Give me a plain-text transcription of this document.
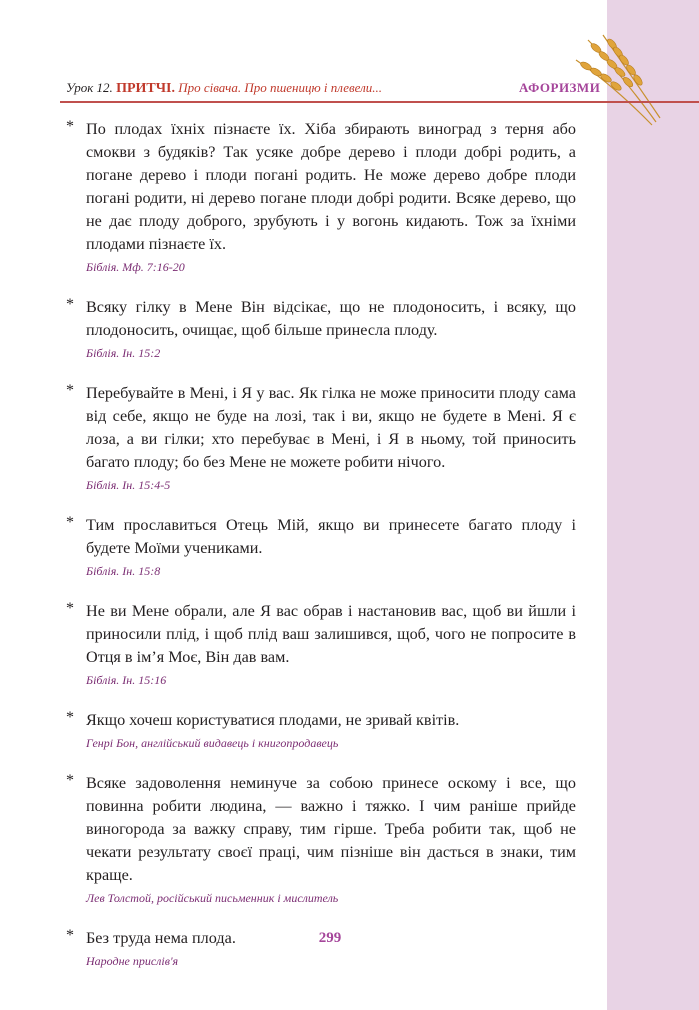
Урок 12. ПРИТЧІ. Про сівача. Про пшеницю і плевели...	АФОРИЗМИ
* По плодах їхніх пізнаєте їх. Хіба збирають виноград з терня або смокви з будяків? Так усяке добре дерево і плоди добрі родить, а погане дерево і плоди погані родить. Не може дерево добре плоди погані родити, ні дерево погане плоди добрі родити. Всяке дерево, що не дає плоду доброго, зрубують і у вогонь кидають. Тож за їхніми плодами пізнаєте їх.

Біблія. Мф. 7:16-20
* Всяку гілку в Мене Він відсікає, що не плодоносить, і всяку, що плодоносить, очищає, щоб більше принесла плоду.

Біблія. Ін. 15:2
* Перебувайте в Мені, і Я у вас. Як гілка не може приносити плоду сама від себе, якщо не буде на лозі, так і ви, якщо не будете в Мені. Я є лоза, а ви гілки; хто перебуває в Мені, і Я в ньому, той приносить багато плоду; бо без Мене не можете робити нічого.

Біблія. Ін. 15:4-5
* Тим прославиться Отець Мій, якщо ви принесете багато плоду і будете Моїми учениками.

Біблія. Ін. 15:8
* Не ви Мене обрали, але Я вас обрав і настановив вас, щоб ви йшли і приносили плід, і щоб плід ваш залишився, щоб, чого не попросите в Отця в ім’я Моє, Він дав вам.

Біблія. Ін. 15:16
* Якщо хочеш користуватися плодами, не зривай квітів.

Генрі Бон, англійський видавець і книгопродавець
* Всяке задоволення неминуче за собою принесе оскому і все, що повинна робити людина, — важно і тяжко. І чим раніше прийде виногорода за важку справу, тим гірше. Треба робити так, щоб не чекати результату своєї праці, чим пізніше він дасться в знаки, тим краще.

Лев Толстой, російський письменник і мислитель
* Без труда нема плода.

Народне прислів'я
299
